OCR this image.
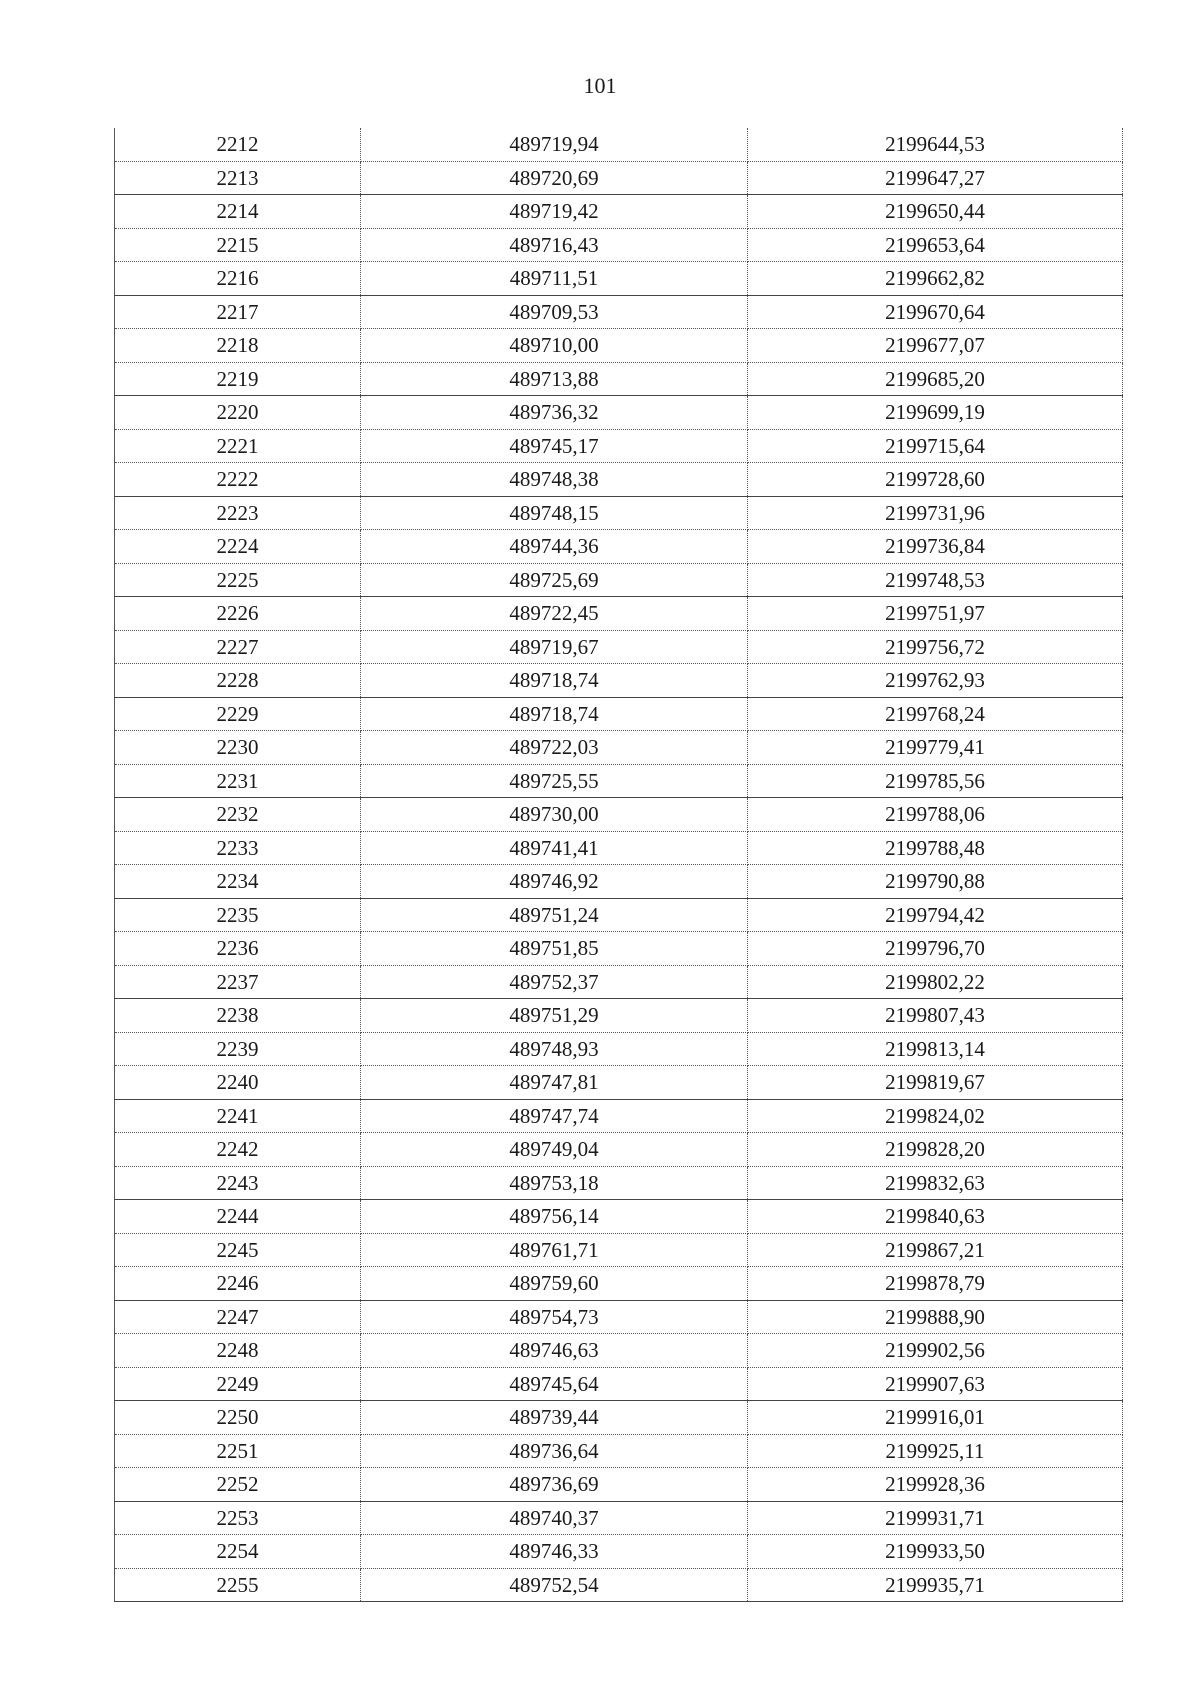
101
2212	489719,94	2199644,53
2213	489720,69	2199647,27
2214	489719,42	2199650,44
2215	489716,43	2199653,64
2216	489711,51	2199662,82
2217	489709,53	2199670,64
2218	489710,00	2199677,07
2219	489713,88	2199685,20
2220	489736,32	2199699,19
2221	489745,17	2199715,64
2222	489748,38	2199728,60
2223	489748,15	2199731,96
2224	489744,36	2199736,84
2225	489725,69	2199748,53
2226	489722,45	2199751,97
2227	489719,67	2199756,72
2228	489718,74	2199762,93
2229	489718,74	2199768,24
2230	489722,03	2199779,41
2231	489725,55	2199785,56
2232	489730,00	2199788,06
2233	489741,41	2199788,48
2234	489746,92	2199790,88
2235	489751,24	2199794,42
2236	489751,85	2199796,70
2237	489752,37	2199802,22
2238	489751,29	2199807,43
2239	489748,93	2199813,14
2240	489747,81	2199819,67
2241	489747,74	2199824,02
2242	489749,04	2199828,20
2243	489753,18	2199832,63
2244	489756,14	2199840,63
2245	489761,71	2199867,21
2246	489759,60	2199878,79
2247	489754,73	2199888,90
2248	489746,63	2199902,56
2249	489745,64	2199907,63
2250	489739,44	2199916,01
2251	489736,64	2199925,11
2252	489736,69	2199928,36
2253	489740,37	2199931,71
2254	489746,33	2199933,50
2255	489752,54	2199935,71
